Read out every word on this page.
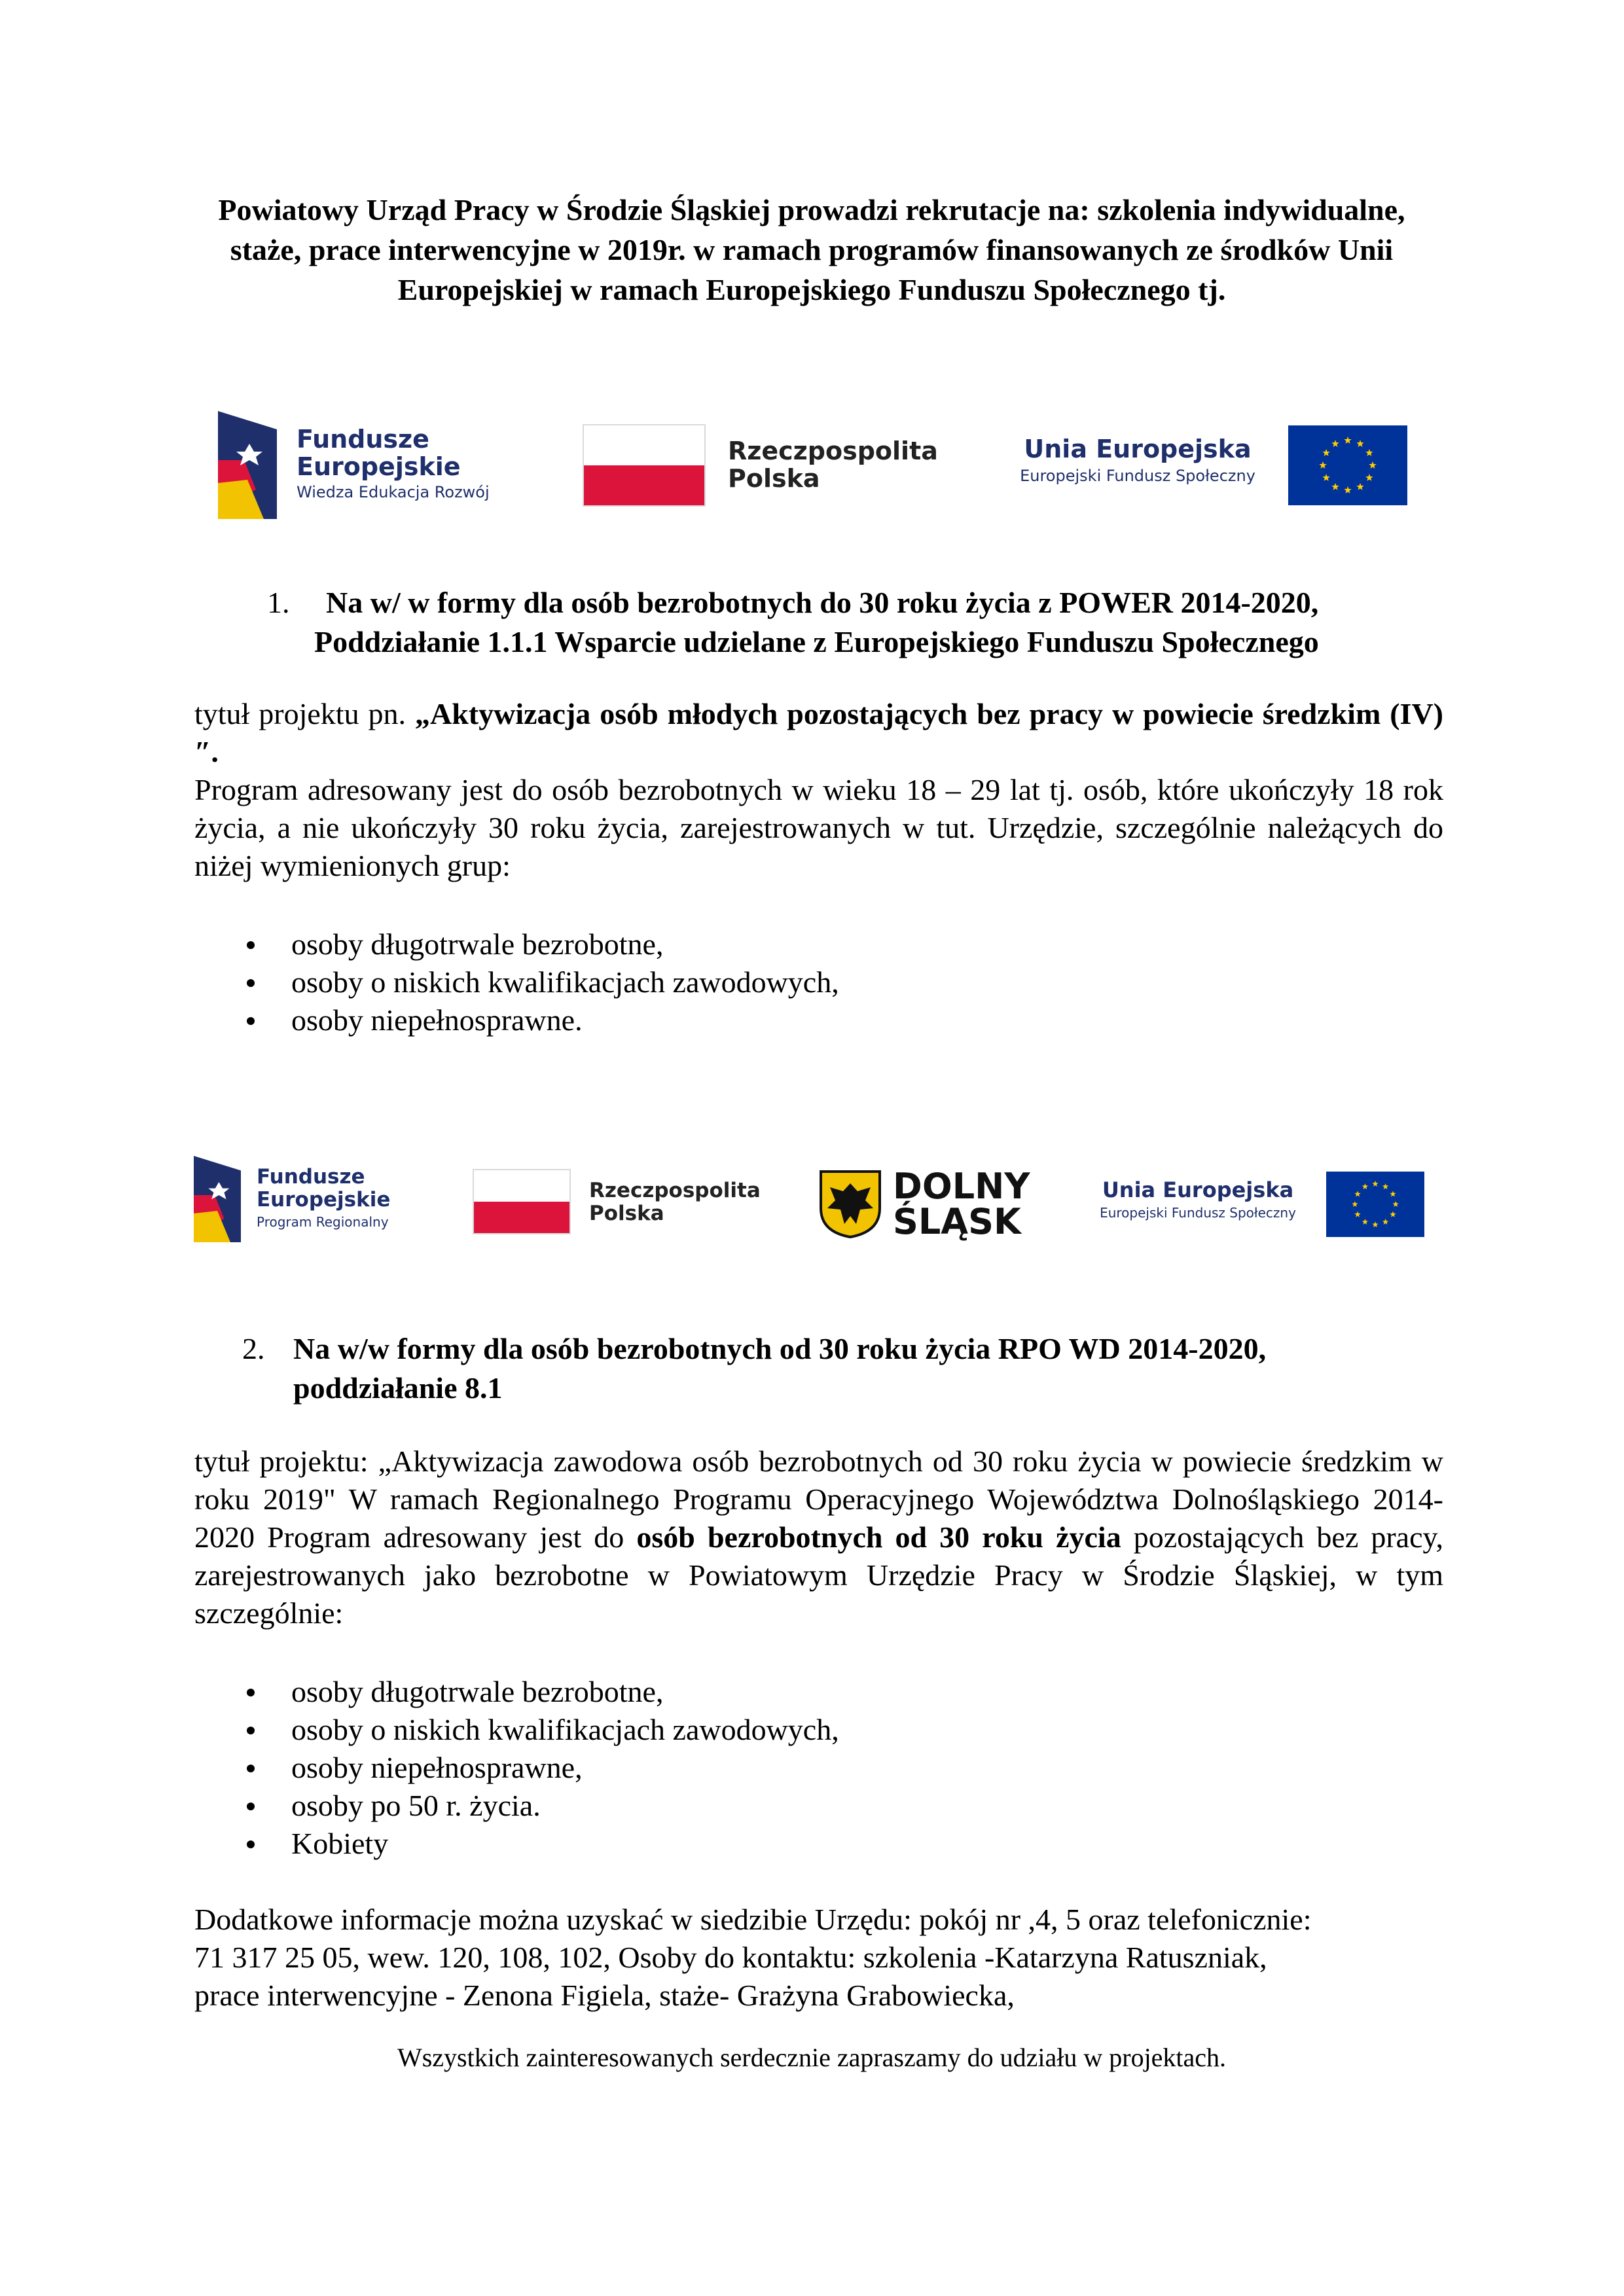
Powiatowy Urząd Pracy w Środzie Śląskiej prowadzi rekrutacje na: szkolenia indywidualne, staże, prace interwencyjne w 2019r. w ramach programów finansowanych ze środków Unii Europejskiej w ramach Europejskiego Funduszu Społecznego tj.
Fundusze
Europejskie
Wiedza Edukacja Rozwój
Rzeczpospolita
Polska
Unia Europejska
Europejski Fundusz Społeczny
1. Na w/ w formy dla osób bezrobotnych do 30 roku życia z POWER 2014-2020,
Poddziałanie 1.1.1 Wsparcie udzielane z Europejskiego Funduszu Społecznego
tytuł projektu pn. „Aktywizacja osób młodych pozostających bez pracy w powiecie średzkim (IV)″.
Program adresowany jest do osób bezrobotnych w wieku 18 – 29 lat tj. osób, które ukończyły 18 rok życia, a nie ukończyły 30 roku życia, zarejestrowanych w tut. Urzędzie, szczególnie należących do niżej wymienionych grup:
osoby długotrwale bezrobotne,
osoby o niskich kwalifikacjach zawodowych,
osoby niepełnosprawne.
Fundusze
Europejskie
Program Regionalny
Rzeczpospolita
Polska
DOLNY
ŚLĄSK
Unia Europejska
Europejski Fundusz Społeczny
2. Na w/w formy dla osób bezrobotnych od 30 roku życia RPO WD 2014-2020,
poddziałanie 8.1
tytuł projektu: „Aktywizacja zawodowa osób bezrobotnych od 30 roku życia w powiecie średzkim w roku 2019" W ramach Regionalnego Programu Operacyjnego Województwa Dolnośląskiego 2014-2020 Program adresowany jest do osób bezrobotnych od 30 roku życia pozostających bez pracy, zarejestrowanych jako bezrobotne w Powiatowym Urzędzie Pracy w Środzie Śląskiej, w tym szczególnie:
osoby długotrwale bezrobotne,
osoby o niskich kwalifikacjach zawodowych,
osoby niepełnosprawne,
osoby po 50 r. życia.
Kobiety
Dodatkowe informacje można uzyskać w siedzibie Urzędu: pokój nr ,4, 5 oraz telefonicznie:
71 317 25 05, wew. 120, 108, 102, Osoby do kontaktu: szkolenia -Katarzyna Ratuszniak,
prace interwencyjne - Zenona Figiela, staże- Grażyna Grabowiecka,
Wszystkich zainteresowanych serdecznie zapraszamy do udziału w projektach.
